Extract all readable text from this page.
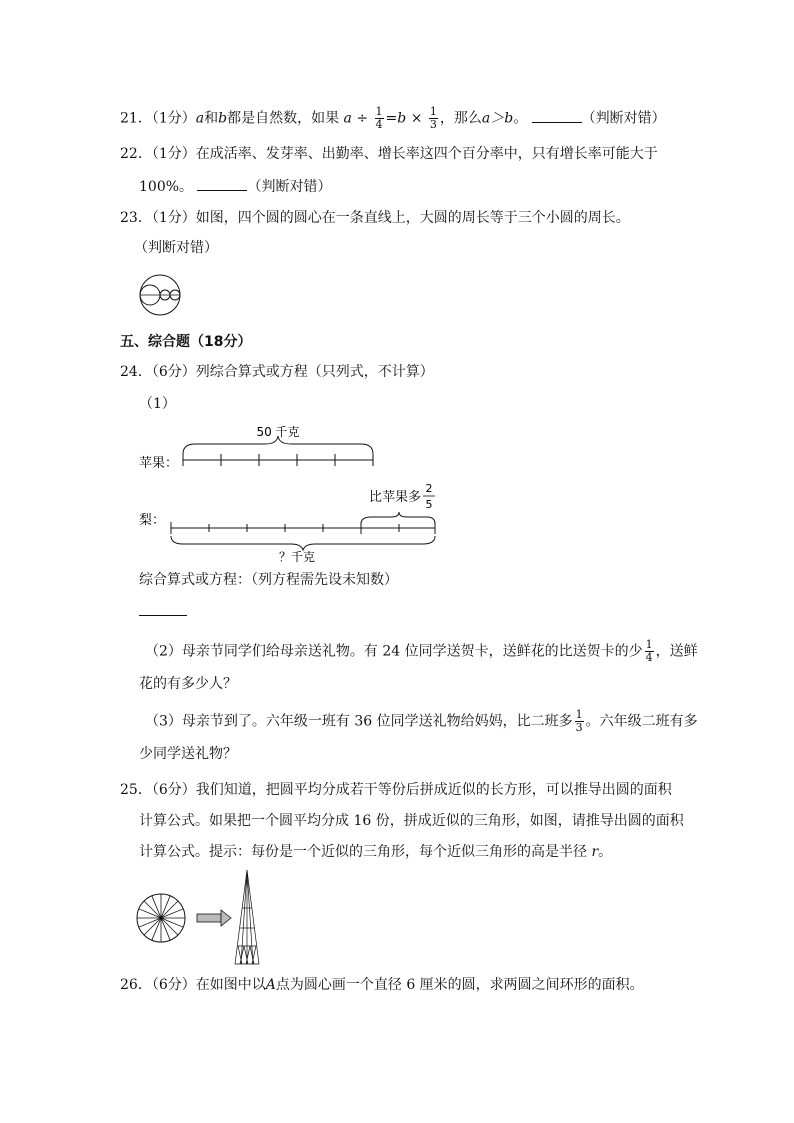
21．（1分）a和b都是自然数，如果 $a \div \frac{1}{4} =b \times \frac{1}{3}$ ，那么a＞b。	（判断对错）
22．（1分）在成活率、发芽率、出勤率、增长率这四个百分率中，只有增长率可能大于
100%。	（判断对错）
23．（1分）如图，四个圆的圆心在一条直线上，大圆的周长等于三个小圆的周长。
（判断对错）
五、综合题（18分）
24．（6分）列综合算式或方程（只列式，不计算）
（1）
50 千克
苹果：
比苹果多
2
5
梨：
？千克
综合算式或方程：（列方程需先设未知数）
（2）母亲节同学们给母亲送礼物。有 24 位同学送贺卡，送鲜花的比送贺卡的少 $\frac{1}{4}$ ，送鲜
花的有多少人？
（3）母亲节到了。六年级一班有 36 位同学送礼物给妈妈，比二班多 $\frac{1}{3}$ 。六年级二班有多
少同学送礼物？
25．（6分）我们知道，把圆平均分成若干等份后拼成近似的长方形，可以推导出圆的面积
计算公式。如果把一个圆平均分成 16 份，拼成近似的三角形，如图，请推导出圆的面积
计算公式。提示：每份是一个近似的三角形，每个近似三角形的高是半径 r。
26．（6分）在如图中以A点为圆心画一个直径 6 厘米的圆，求两圆之间环形的面积。
